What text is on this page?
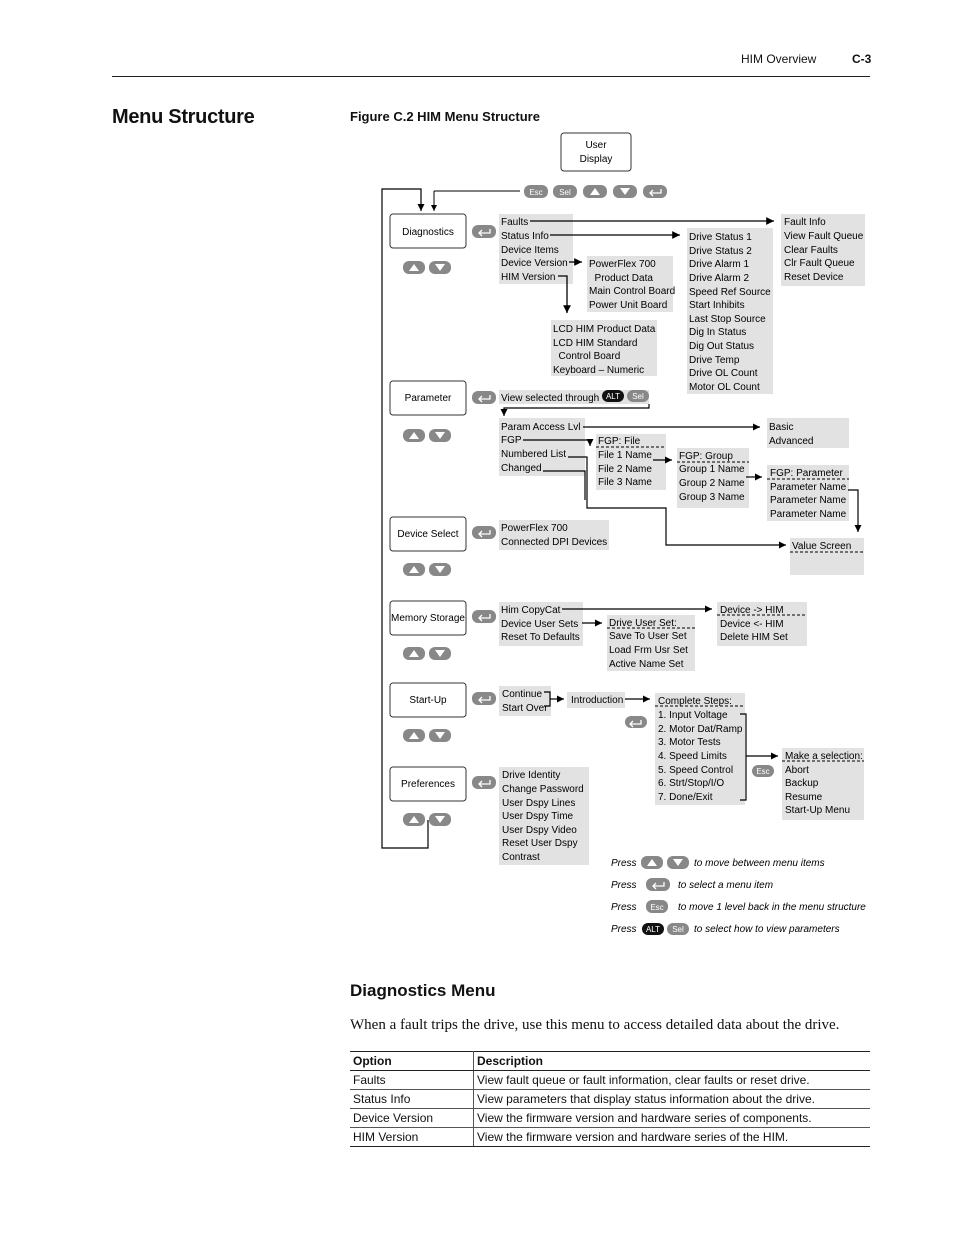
HIM Overview	C-3
Menu Structure	Figure C.2 HIM Menu Structure
User
Display
Esc Sel
Diagnostics
Parameter
Device Select
Memory Storage
Start-Up
Preferences
Faults
Status Info
Device Items
Device Version
HIM Version
Fault Info
View Fault Queue
Clear Faults
Clr Fault Queue
Reset Device
Drive Status 1
Drive Status 2
Drive Alarm 1
Drive Alarm 2
Speed Ref Source
Start Inhibits
Last Stop Source
Dig In Status
Dig Out Status
Drive Temp
Drive OL Count
Motor OL Count
PowerFlex 700
Product Data
Main Control Board
Power Unit Board
LCD HIM Product Data
LCD HIM Standard
Control Board
Keyboard – Numeric
View selected through ALT Sel
Param Access Lvl
FGP
Numbered List
Changed
Basic
Advanced
FGP: File
File 1 Name
File 2 Name
File 3 Name
FGP: Group
Group 1 Name
Group 2 Name
Group 3 Name
FGP: Parameter
Parameter Name
Parameter Name
Parameter Name
Value Screen
PowerFlex 700
Connected DPI Devices
Him CopyCat
Device User Sets
Reset To Defaults
Device -> HIM
Device <- HIM
Delete HIM Set
Drive User Set:
Save To User Set
Load Frm Usr Set
Active Name Set
Continue
Start Over
Introduction	Complete Steps:
1. Input Voltage
2. Motor Dat/Ramp
3. Motor Tests
4. Speed Limits
5. Speed Control
6. Strt/Stop/I/O
7. Done/Exit
Make a selection:
Abort
Backup
Resume
Start-Up Menu
Esc
Drive Identity
Change Password
User Dspy Lines
User Dspy Time
User Dspy Video
Reset User Dspy
Contrast
Press	to move between menu items
Press	to select a menu item
Press Esc to move 1 level back in the menu structure
Press ALT Sel to select how to view parameters
Diagnostics Menu
When a fault trips the drive, use this menu to access detailed data about the drive.
Option	Description
Faults	View fault queue or fault information, clear faults or reset drive.
Status Info	View parameters that display status information about the drive.
Device Version	View the firmware version and hardware series of components.
HIM Version	View the firmware version and hardware series of the HIM.
